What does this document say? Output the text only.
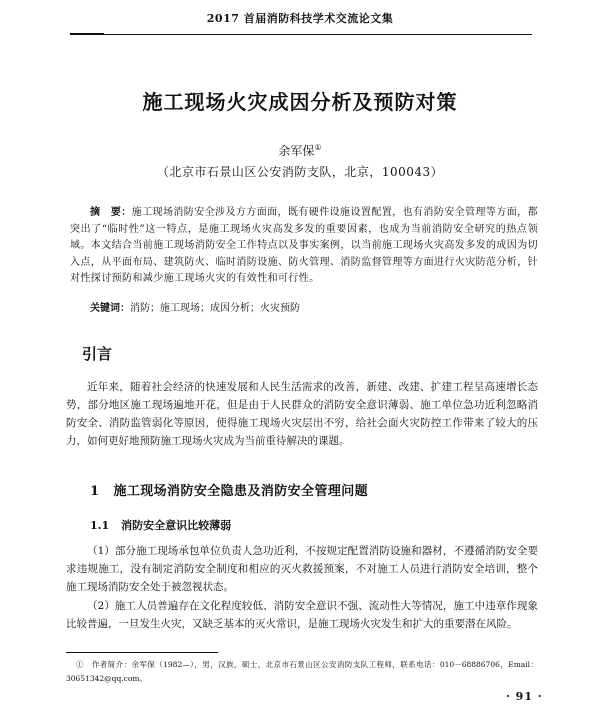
2017 首届消防科技学术交流论文集
施工现场火灾成因分析及预防对策
余军保①
（北京市石景山区公安消防支队，北京，100043）
摘　要：施工现场消防安全涉及方方面面，既有硬件设施设置配置，也有消防安全管理等方面，都突出了“临时性”这一特点，是施工现场火灾高发多发的重要因素，也成为当前消防安全研究的热点领域。本文结合当前施工现场消防安全工作特点以及事实案例，以当前施工现场火灾高发多发的成因为切入点，从平面布局、建筑防火、临时消防设施、防火管理、消防监督管理等方面进行火灾防范分析，针对性探讨预防和减少施工现场火灾的有效性和可行性。
关键词：消防；施工现场；成因分析；火灾预防
引言
近年来，随着社会经济的快速发展和人民生活需求的改善，新建、改建、扩建工程呈高速增长态势，部分地区施工现场遍地开花，但是由于人民群众的消防安全意识薄弱、施工单位急功近利忽略消防安全、消防监管弱化等原因，使得施工现场火灾层出不穷，给社会面火灾防控工作带来了较大的压力，如何更好地预防施工现场火灾成为当前重待解决的课题。
1 施工现场消防安全隐患及消防安全管理问题
1.1 消防安全意识比较薄弱
（1）部分施工现场承包单位负责人急功近利，不按规定配置消防设施和器材，不遵循消防安全要求违规施工，没有制定消防安全制度和相应的灭火救援预案，不对施工人员进行消防安全培训，整个施工现场消防安全处于被忽视状态。
（2）施工人员普遍存在文化程度较低、消防安全意识不强、流动性大等情况，施工中违章作现象比较普遍，一旦发生火灾，又缺乏基本的灭火常识，是施工现场火灾发生和扩大的重要潜在风险。
①　 作者简介：余军保（1982—），男，汉族，硕士，北京市石景山区公安消防支队工程师，联系电话：010－68886706，Email：30651342@qq.com。
· 91 ·
